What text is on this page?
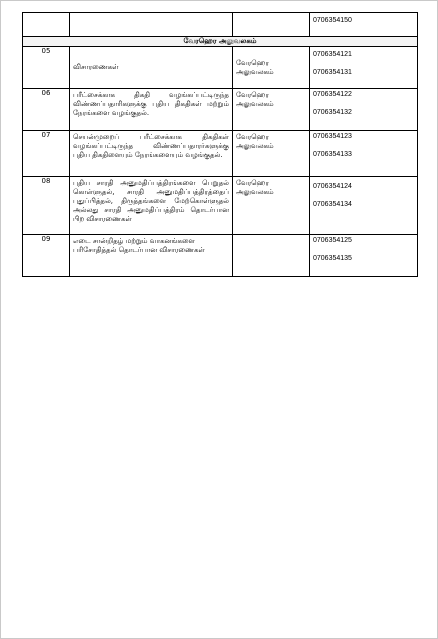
			0706354150

வேரஹெர அலுவலகம்			
05	விசாரணைகள்	வேரஹெர அலுவலகம்	0706354121
0706354131

06	பரீட்சைக்காக திகதி வழங்கப்பட்டிருந்த விண்ணப்பதாரிகளுக்கு புதிய திகதிகள் மற்றும் நேரங்களை வழங்குதல்.	வேரஹெர அலுவலகம்	0706354122
0706354132

07	செயன்முறைப் பரீட்சைக்காக திகதிகள் வழங்கப்பட்டிருந்த விண்ணப்பதாரர்களுக்கு புதிய திகதிளையும் நேரங்களையும் வழங்குதல்.	வேரஹெர அலுவலகம்	0706354123
0706354133

08	புதிய சாரதி அனுமதிப்பத்திரங்களை பெறுதல் கொள்ளுதல், சாரதி அனுமதிப்பத்திரத்தைப் புதுப்பித்தல், திருத்தங்களை மேற்கொள்ளுதல் அல்லது சாரதி அனுமதிப்பத்திரம் தொடர்பான பிற விசாரணைகள்	வேரஹெர அலுவலகம்	0706354124
0706354134

09	எடை சான்றிதழ் மற்றும் வாகனங்களை பரிசோதித்தல் தொடர்பான விசாரணைகள்		0706354125
0706354135
